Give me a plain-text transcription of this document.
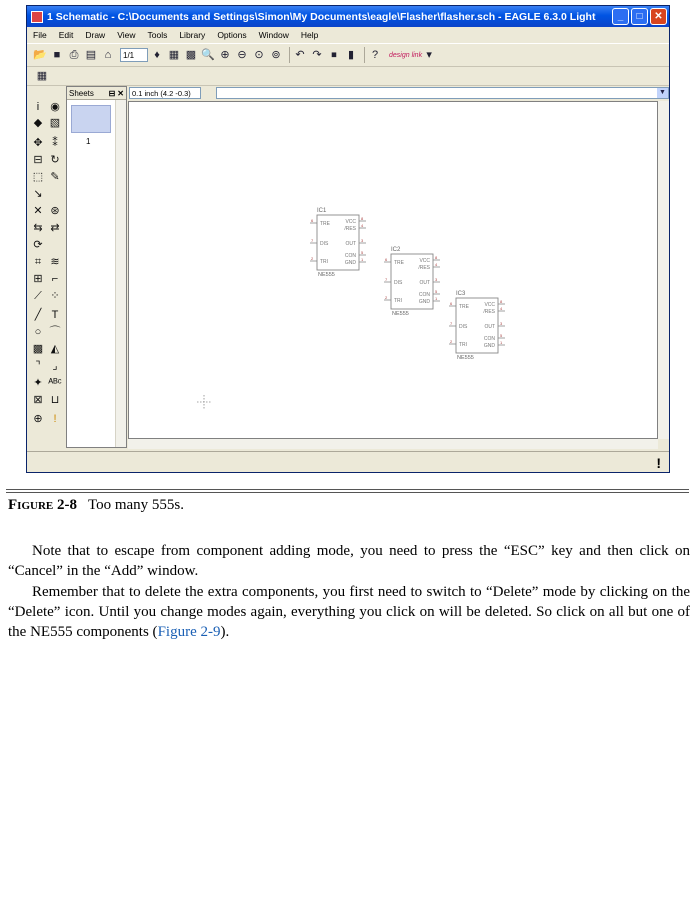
1 Schematic - C:\Documents and Settings\Simon\My Documents\eagle\Flasher\flasher.sch - EAGLE 6.3.0 Light	_	□	✕
File	Edit	Draw	View	Tools	Library	Options	Window	Help
📂 ■ ⎙ ▤ ⌂	1/1	♦ ▦ ▩ 🔍 ⊕ ⊖ ⊙ ⊚ ↶ ↷ ⏹	▮	?	design link ▾
▦
i ◉
◆ ▧
✥ ⁑
⊟ ↻
⬚ ✎
↘
✕ ⊛
⇆ ⇄
⟳
⌗ ≋
⊞ ⌐
⟋ ⁘
╱ T
○ ⌒
▩ ◭
⌝	⌟
✦ ᴬᴮᶜ
⊠ ⊔
⊕ !
Sheets	⊟ ✕
1
0.1 inch (4.2 -0.3)	▼
IC1
NE555
TRE
6
DIS
7
TRI
2
VCC
8
/RES
4
OUT
3
CON
5
GND
1
IC2
NE555
TRE
6
DIS
7
TRI
2
VCC
8
/RES
4
OUT
3
CON
5
GND
1
IC3
NE555
TRE
6
DIS
7
TRI
2
VCC
8
/RES
4
OUT
3
CON
5
GND
1
!
Figure 2-8 Too many 555s.
Note that to escape from component adding mode, you need to press the “ESC” key and then click on “Cancel” in the “Add” window.
Remember that to delete the extra components, you first need to switch to “Delete” mode by clicking on the “Delete” icon. Until you change modes again, everything you click on will be deleted. So click on all but one of the NE555 components (Figure 2-9).
